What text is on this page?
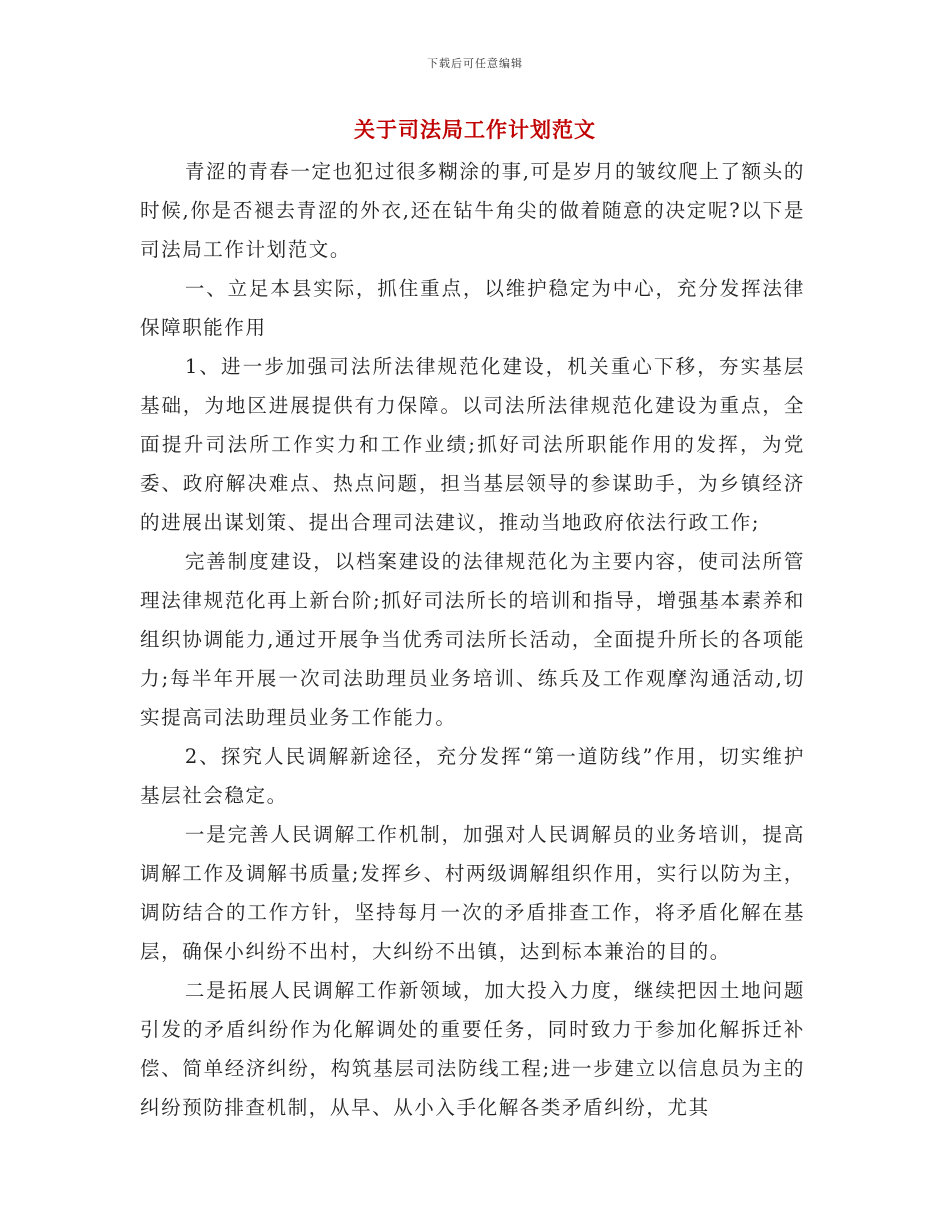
下载后可任意编辑
关于司法局工作计划范文

青涩的青春一定也犯过很多糊涂的事,可是岁月的皱纹爬上了额头的时候,你是否褪去青涩的外衣,还在钻牛角尖的做着随意的决定呢?以下是司法局工作计划范文。

一、立足本县实际，抓住重点，以维护稳定为中心，充分发挥法律保障职能作用

1、进一步加强司法所法律规范化建设，机关重心下移，夯实基层基础，为地区进展提供有力保障。以司法所法律规范化建设为重点，全面提升司法所工作实力和工作业绩;抓好司法所职能作用的发挥，为党委、政府解决难点、热点问题，担当基层领导的参谋助手，为乡镇经济的进展出谋划策、提出合理司法建议，推动当地政府依法行政工作;

完善制度建设，以档案建设的法律规范化为主要内容，使司法所管理法律规范化再上新台阶;抓好司法所长的培训和指导，增强基本素养和组织协调能力,通过开展争当优秀司法所长活动，全面提升所长的各项能力;每半年开展一次司法助理员业务培训、练兵及工作观摩沟通活动,切实提高司法助理员业务工作能力。

2、探究人民调解新途径，充分发挥“第一道防线”作用，切实维护基层社会稳定。

一是完善人民调解工作机制，加强对人民调解员的业务培训，提高调解工作及调解书质量;发挥乡、村两级调解组织作用，实行以防为主，调防结合的工作方针，坚持每月一次的矛盾排查工作，将矛盾化解在基层，确保小纠纷不出村，大纠纷不出镇，达到标本兼治的目的。

二是拓展人民调解工作新领域，加大投入力度，继续把因土地问题引发的矛盾纠纷作为化解调处的重要任务，同时致力于参加化解拆迁补偿、简单经济纠纷，构筑基层司法防线工程;进一步建立以信息员为主的纠纷预防排查机制，从早、从小入手化解各类矛盾纠纷，尤其
